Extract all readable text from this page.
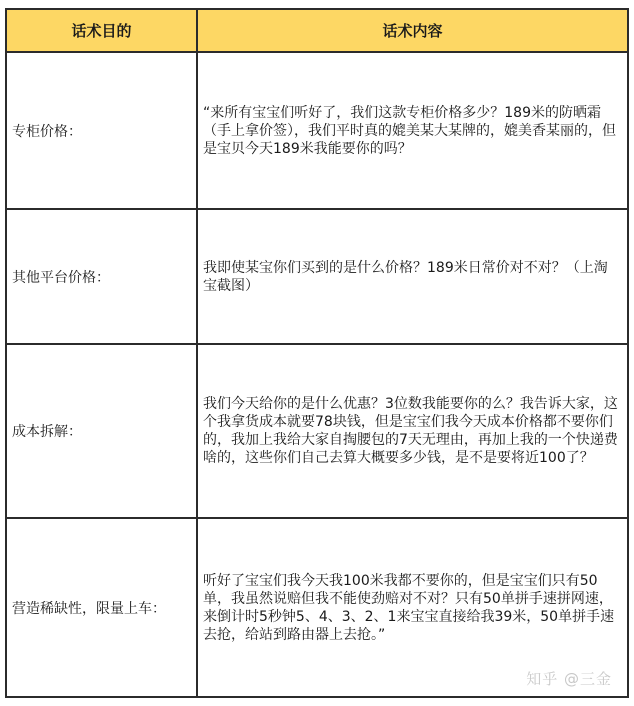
话术目的	话术内容
专柜价格：
“来所有宝宝们听好了，我们这款专柜价格多少？189米的防晒霜（手上拿价签），我们平时真的媲美某大某牌的，媲美香某丽的，但是宝贝今天189米我能要你的吗？
其他平台价格：
我即使某宝你们买到的是什么价格？189米日常价对不对？（上淘宝截图）
成本拆解：
我们今天给你的是什么优惠？3位数我能要你的么？我告诉大家，这个我拿货成本就要78块钱，但是宝宝们我今天成本价格都不要你们的，我加上我给大家自掏腰包的7天无理由，再加上我的一个快递费啥的，这些你们自己去算大概要多少钱，是不是要将近100了？
营造稀缺性，限量上车：
听好了宝宝们我今天我100米我都不要你的，但是宝宝们只有50单，我虽然说赔但我不能使劲赔对不对？只有50单拼手速拼网速，来倒计时5秒钟5、4、3、2、1来宝宝直接给我39米，50单拼手速去抢，给站到路由器上去抢。”
知乎 @三金
